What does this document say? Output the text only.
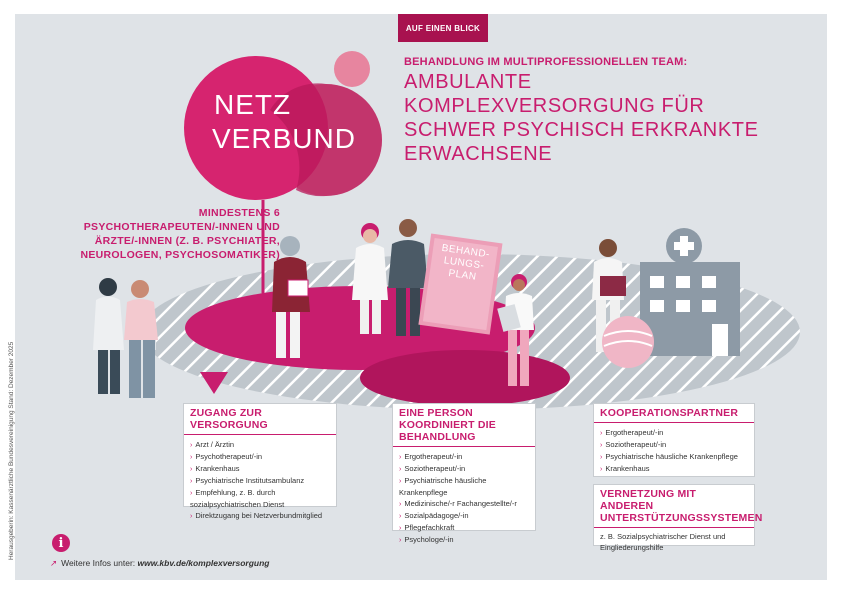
AUF EINEN BLICK
BEHANDLUNG IM MULTIPROFESSIONELLEN TEAM:
AMBULANTE KOMPLEXVERSORGUNG FÜR SCHWER PSYCHISCH ERKRANKTE ERWACHSENE
NETZ
VERBUND
BEHAND-LUNGS-PLAN
MINDESTENS 6 PSYCHOTHERAPEUTEN/-INNEN UND ÄRZTE/-INNEN (Z. B. PSYCHIATER, NEUROLOGEN, PSYCHOSOMATIKER)
ZUGANG ZUR VERSORGUNG
› Arzt / Ärztin
› Psychotherapeut/-in
› Krankenhaus
› Psychiatrische Institutsambulanz
› Empfehlung, z. B. durch sozialpsychiatrischen Dienst
› Direktzugang bei Netzverbundmitglied
EINE PERSON KOORDINIERT DIE BEHANDLUNG
› Ergotherapeut/-in
› Soziotherapeut/-in
› Psychiatrische häusliche Krankenpflege
› Medizinische/-r Fachangestellte/-r
› Sozialpädagoge/-in
› Pflegefachkraft
› Psychologe/-in
KOOPERATIONSPARTNER
› Ergotherapeut/-in
› Soziotherapeut/-in
› Psychiatrische häusliche Krankenpflege
› Krankenhaus
VERNETZUNG MIT ANDEREN UNTERSTÜTZUNGSSYSTEMEN

z. B. Sozialpsychiatrischer Dienst und Eingliederungshilfe

Herausgeberin: Kassenärztliche Bundesvereinigung Stand: Dezember 2025	i
↗ Weitere Infos unter: www.kbv.de/komplexversorgung
